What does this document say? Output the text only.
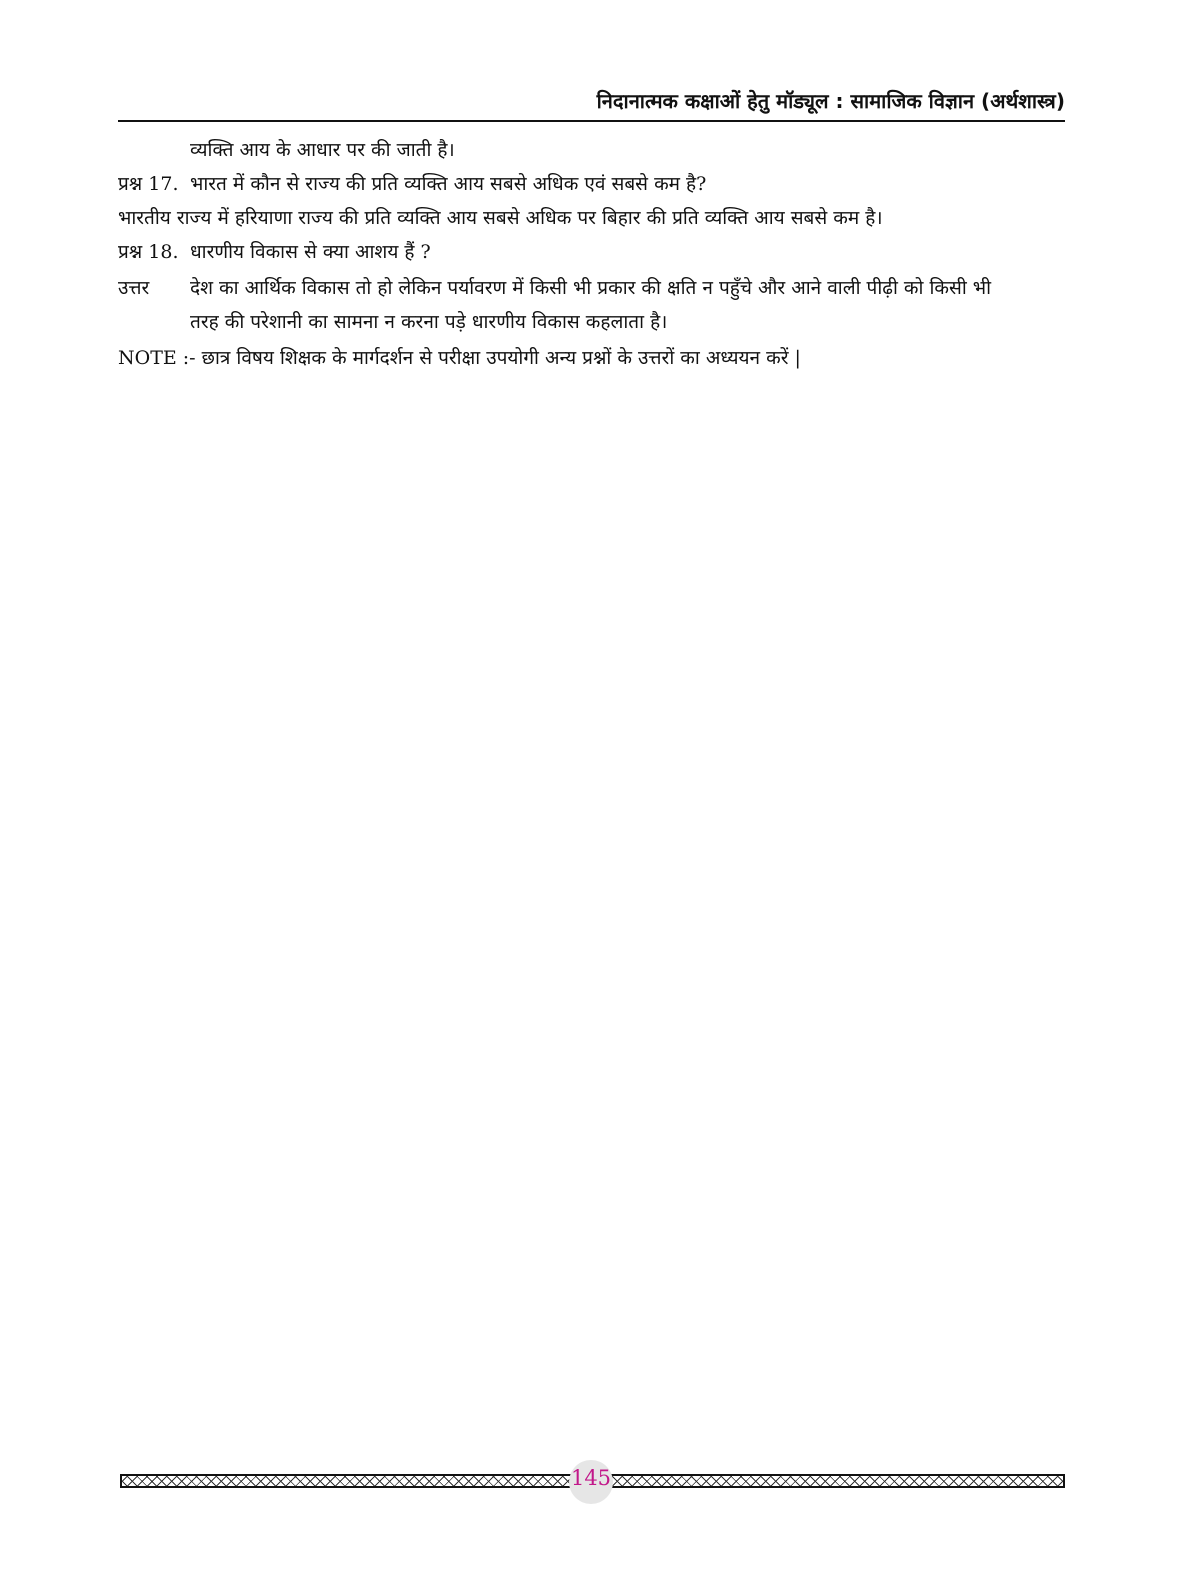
निदानात्मक कक्षाओं हेतु मॉड्यूल : सामाजिक विज्ञान (अर्थशास्त्र)
व्यक्ति आय के आधार पर की जाती है।
प्रश्न 17. भारत में कौन से राज्य की प्रति व्यक्ति आय सबसे अधिक एवं सबसे कम है?
भारतीय राज्य में हरियाणा राज्य की प्रति व्यक्ति आय सबसे अधिक पर बिहार की प्रति व्यक्ति आय सबसे कम है।
प्रश्न 18. धारणीय विकास से क्या आशय हैं ?
उत्तर देश का आर्थिक विकास तो हो लेकिन पर्यावरण में किसी भी प्रकार की क्षति न पहुँचे और आने वाली पीढ़ी को किसी भी
तरह की परेशानी का सामना न करना पड़े धारणीय विकास कहलाता है।
NOTE :- छात्र विषय शिक्षक के मार्गदर्शन से परीक्षा उपयोगी अन्य प्रश्नों के उत्तरों का अध्ययन करें |
145
